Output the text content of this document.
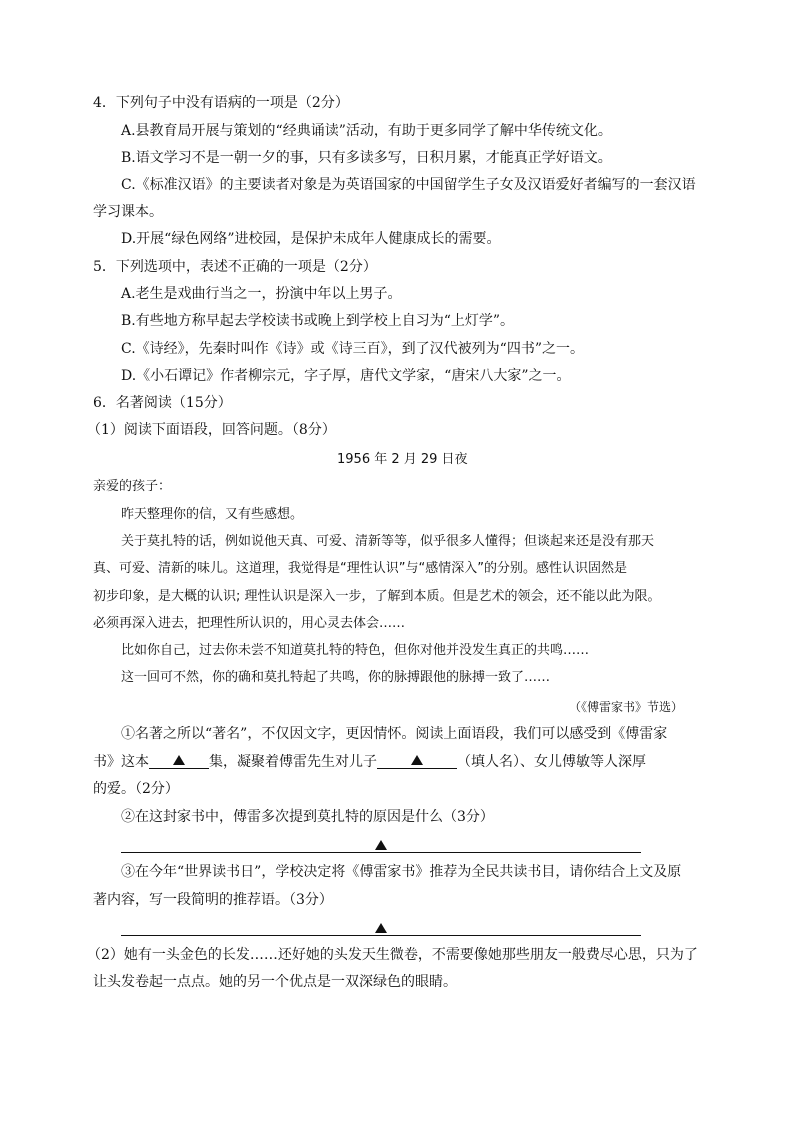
4．下列句子中没有语病的一项是（2分）
A.县教育局开展与策划的“经典诵读”活动，有助于更多同学了解中华传统文化。
B.语文学习不是一朝一夕的事，只有多读多写，日积月累，才能真正学好语文。
C.《标准汉语》的主要读者对象是为英语国家的中国留学生子女及汉语爱好者编写的一套汉语
学习课本。
D.开展“绿色网络”进校园，是保护未成年人健康成长的需要。
5．下列选项中，表述不正确的一项是（2分）
A.老生是戏曲行当之一，扮演中年以上男子。
B.有些地方称早起去学校读书或晚上到学校上自习为“上灯学”。
C.《诗经》，先秦时叫作《诗》或《诗三百》，到了汉代被列为“四书”之一。
D.《小石谭记》作者柳宗元，字子厚，唐代文学家，“唐宋八大家”之一。
6．名著阅读（15分）
（1）阅读下面语段，回答问题。（8分）
1956 年 2 月 29 日夜
亲爱的孩子：
昨天整理你的信，又有些感想。
关于莫扎特的话，例如说他天真、可爱、清新等等，似乎很多人懂得；但谈起来还是没有那天
真、可爱、清新的味儿。这道理，我觉得是“理性认识”与“感情深入”的分别。感性认识固然是
初步印象，是大概的认识; 理性认识是深入一步，了解到本质。但是艺术的领会，还不能以此为限。
必须再深入进去，把理性所认识的，用心灵去体会……
比如你自己，过去你未尝不知道莫扎特的特色，但你对他并没发生真正的共鸣……
这一回可不然，你的确和莫扎特起了共鸣，你的脉搏跟他的脉搏一致了……
（《傅雷家书》节选）
①名著之所以“著名”，不仅因文字，更因情怀。阅读上面语段，我们可以感受到《傅雷家
书》这本	集，凝聚着傅雷先生对儿子	（填人名）、女儿傅敏等人深厚
的爱。（2分）
②在这封家书中，傅雷多次提到莫扎特的原因是什么（3分）
③在今年“世界读书日”，学校决定将《傅雷家书》推荐为全民共读书目，请你结合上文及原
著内容，写一段简明的推荐语。（3分）
（2）她有一头金色的长发……还好她的头发天生微卷，不需要像她那些朋友一般费尽心思，只为了
让头发卷起一点点。她的另一个优点是一双深绿色的眼睛。
